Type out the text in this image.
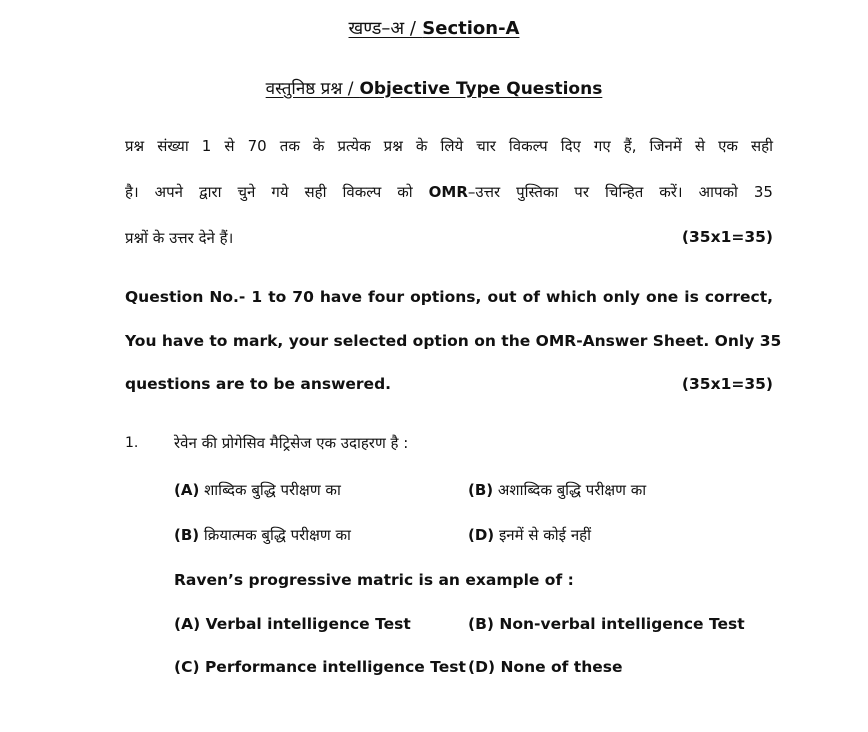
खण्ड–अ / Section-A
वस्तुनिष्ठ प्रश्न / Objective Type Questions
प्रश्न संख्या 1 से 70 तक के प्रत्येक प्रश्न के लिये चार विकल्प दिए गए हैं, जिनमें से एक सही
है। अपने द्वारा चुने गये सही विकल्प को OMR–उत्तर पुस्तिका पर चिन्हित करें। आपको 35
प्रश्नों के उत्तर देने हैं।	(35x1=35)
Question No.- 1 to 70 have four options, out of which only one is correct,
You have to mark, your selected option on the OMR-Answer Sheet. Only 35
questions are to be answered.	(35x1=35)
1. रेवेन की प्रोगेसिव मैट्रिसेज एक उदाहरण है :
(A) शाब्दिक बुद्धि परीक्षण का	(B) अशाब्दिक बुद्धि परीक्षण का
(B) क्रियात्मक बुद्धि परीक्षण का	(D) इनमें से कोई नहीं
Raven’s progressive matric is an example of :
(A) Verbal intelligence Test	(B) Non-verbal intelligence Test
(C) Performance intelligence Test (D) None of these
